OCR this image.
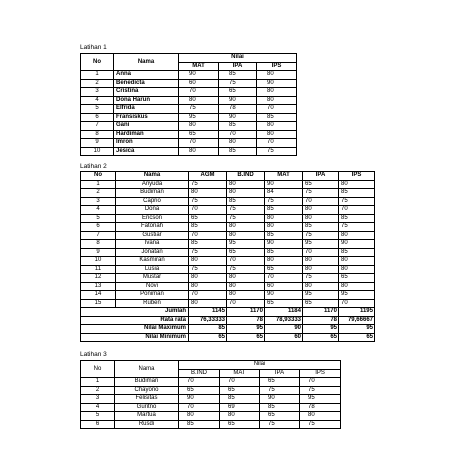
Latihan 1
No	Nama	Nilai		
		MAT	IPA	IPS
1	Anna	90	85	80
2	Benedicta	60	75	90
3	Cristina	70	65	80
4	Dona Harun	80	90	80
5	Elfrida	75	78	70
6	Fransiskus	95	90	85
7	Gani	80	85	80
8	Hardiman	65	70	80
9	Imron	70	80	70
10	Jesica	80	85	75
Latihan 2
No	Nama	AGM	B.IND	MAT	IPA	IPS
1	Ariyuda	75	80	90	65	80
2	Budiman	80	80	84	75	85
3	Caprio	75	85	75	70	75
4	Dona	70	75	85	80	70
5	Ericson	65	75	80	80	85
6	Fatonah	85	80	80	85	75
7	Gustiar	70	80	85	75	80
8	Ivana	85	95	90	95	90
9	Jonatan	75	65	85	70	85
10	Kasmiran	80	70	80	80	80
11	Lusia	75	75	65	80	80
12	Mustar	80	80	70	75	65
13	Novi	80	80	60	80	80
14	Poniman	70	80	90	95	95
15	Ruben	80	70	65	65	70
Jumlah		1145	1170	1184	1170	1195
Rata rata		76,33333	78	78,93333	78	79,66667
Nilai Maximum		85	95	90	95	95
Nilai Minimum		65	65	60	65	65
Latihan 3
No	Nama	Nilai			
		B.IND	MAT	IPA	IPS
1	Budiman	70	70	65	70
2	Chayono	65	65	75	75
3	Felisitas	90	85	90	95
4	Guritno	70	69	85	78
5	Martua	80	80	65	80
6	Rusdi	85	65	75	75
